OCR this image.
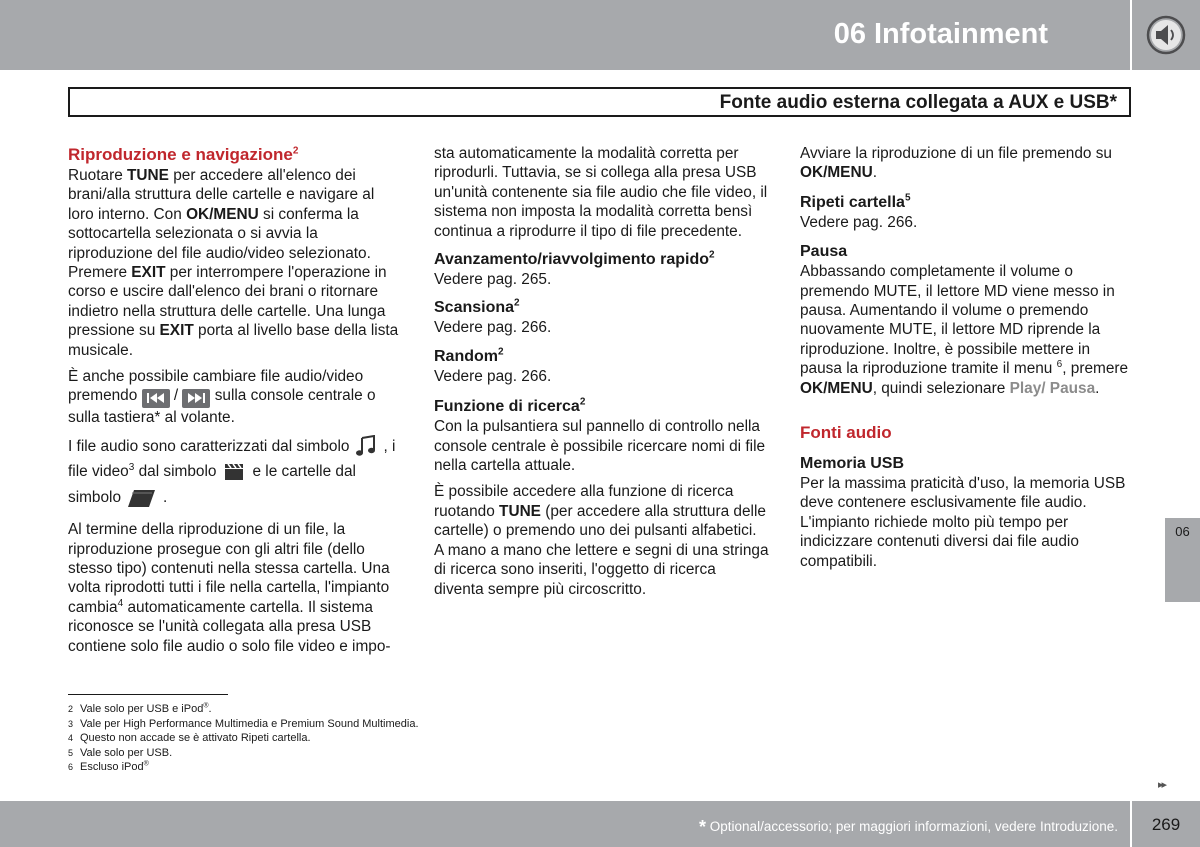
06 Infotainment
Fonte audio esterna collegata a AUX e USB*
Riproduzione e navigazione$^2$

Ruotare TUNE per accedere all'elenco dei brani/alla struttura delle cartelle e navigare al loro interno. Con OK/MENU si conferma la sottocartella selezionata o si avvia la riproduzione del file audio/video selezionato. Premere EXIT per interrompere l'operazione in corso e uscire dall'elenco dei brani o ritornare indietro nella struttura delle cartelle. Una lunga pressione su EXIT porta al livello base della lista musicale.

È anche possibile cambiare file audio/video premendo  /  sulla console centrale o sulla tastiera* al volante.

I file audio sono caratterizzati dal simbolo , i file video$^3$ dal simbolo e le cartelle dal simbolo	.

Al termine della riproduzione di un file, la riproduzione prosegue con gli altri file (dello stesso tipo) contenuti nella stessa cartella. Una volta riprodotti tutti i file nella cartella, l'impianto cambia$^4$ automaticamente cartella. Il sistema riconosce se l'unità collegata alla presa USB contiene solo file audio o solo file video e impo-

sta automaticamente la modalità corretta per riprodurli. Tuttavia, se si collega alla presa USB un'unità contenente sia file audio che file video, il sistema non imposta la modalità corretta bensì continua a riprodurre il tipo di file precedente.

Avanzamento/riavvolgimento rapido$^2$

Vedere pag. 265.

Scansiona$^2$

Vedere pag. 266.

Random$^2$

Vedere pag. 266.

Funzione di ricerca$^2$

Con la pulsantiera sul pannello di controllo nella console centrale è possibile ricercare nomi di file nella cartella attuale.

È possibile accedere alla funzione di ricerca ruotando TUNE (per accedere alla struttura delle cartelle) o premendo uno dei pulsanti alfabetici. A mano a mano che lettere e segni di una stringa di ricerca sono inseriti, l'oggetto di ricerca diventa sempre più circoscritto.

Avviare la riproduzione di un file premendo su OK/MENU.

Ripeti cartella$^5$

Vedere pag. 266.

Pausa

Abbassando completamente il volume o premendo MUTE, il lettore MD viene messo in pausa. Aumentando il volume o premendo nuovamente MUTE, il lettore MD riprende la riproduzione. Inoltre, è possibile mettere in pausa la riproduzione tramite il menu $^6$, premere OK/MENU, quindi selezionare Play/ Pausa.

Fonti audio
Memoria USB

Per la massima praticità d'uso, la memoria USB deve contenere esclusivamente file audio. L'impianto richiede molto più tempo per indicizzare contenuti diversi dai file audio compatibili.

2 Vale solo per USB e iPod®.
3 Vale per High Performance Multimedia e Premium Sound Multimedia.
4 Questo non accade se è attivato Ripeti cartella.
5 Vale solo per USB.
6 Escluso iPod®
06
▸▸
* Optional/accessorio; per maggiori informazioni, vedere Introduzione.	269
